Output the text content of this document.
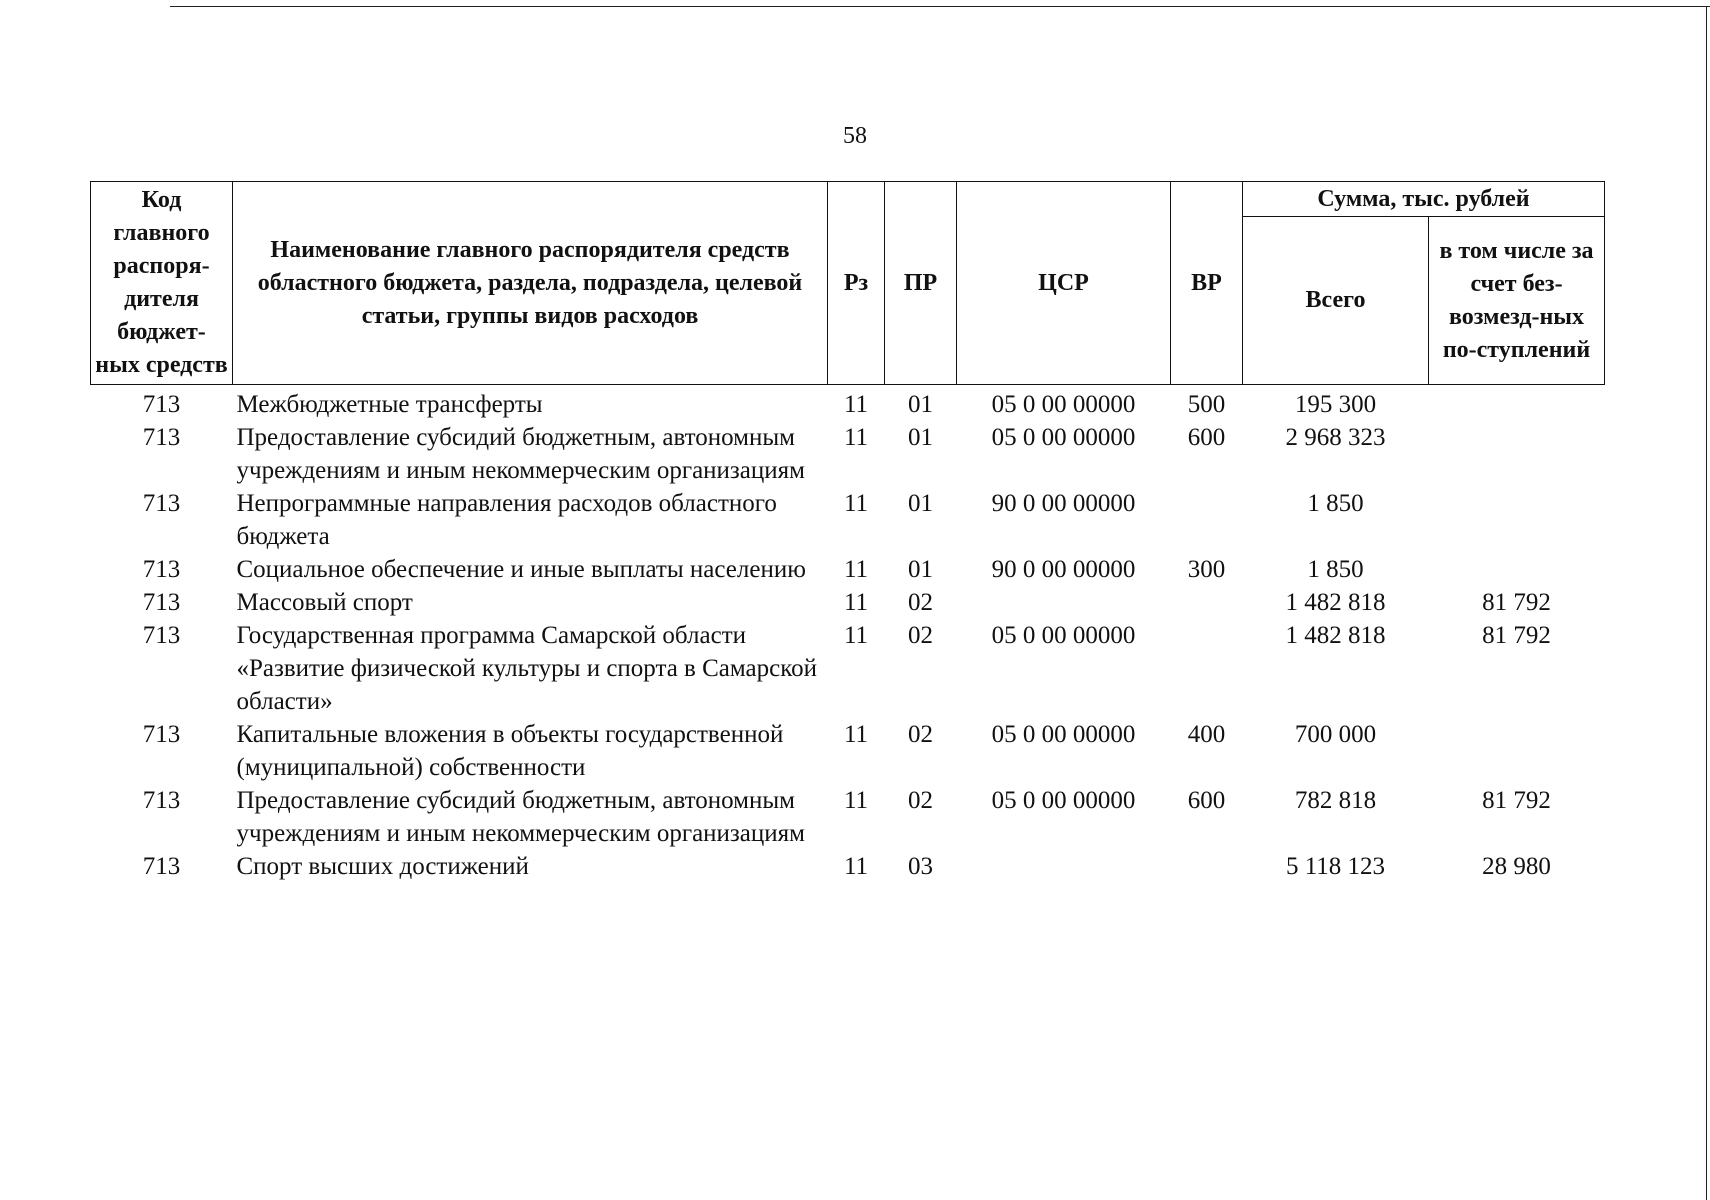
58
Код главного распоря-дителя бюджет-ных средств	Наименование главного распорядителя средств областного бюджета, раздела, подраздела, целевой статьи, группы видов расходов	Рз	ПР	ЦСР	ВР	Сумма, тыс. рублей	
						Всего	в том числе за счет без-возмезд-ных по-ступлений
713	Межбюджетные трансферты	11	01	05 0 00 00000	500	195 300	
713	Предоставление субсидий бюджетным, автономным учреждениям и иным некоммерческим организациям	11	01	05 0 00 00000	600	2 968 323	
713	Непрограммные направления расходов областного бюджета	11	01	90 0 00 00000		1 850	
713	Социальное обеспечение и иные выплаты населению	11	01	90 0 00 00000	300	1 850	
713	Массовый спорт	11	02			1 482 818	81 792
713	Государственная программа Самарской области «Развитие физической культуры и спорта в Самарской области»	11	02	05 0 00 00000		1 482 818	81 792
713	Капитальные вложения в объекты государственной (муниципальной) собственности	11	02	05 0 00 00000	400	700 000	
713	Предоставление субсидий бюджетным, автономным учреждениям и иным некоммерческим организациям	11	02	05 0 00 00000	600	782 818	81 792
713	Спорт высших достижений	11	03			5 118 123	28 980
